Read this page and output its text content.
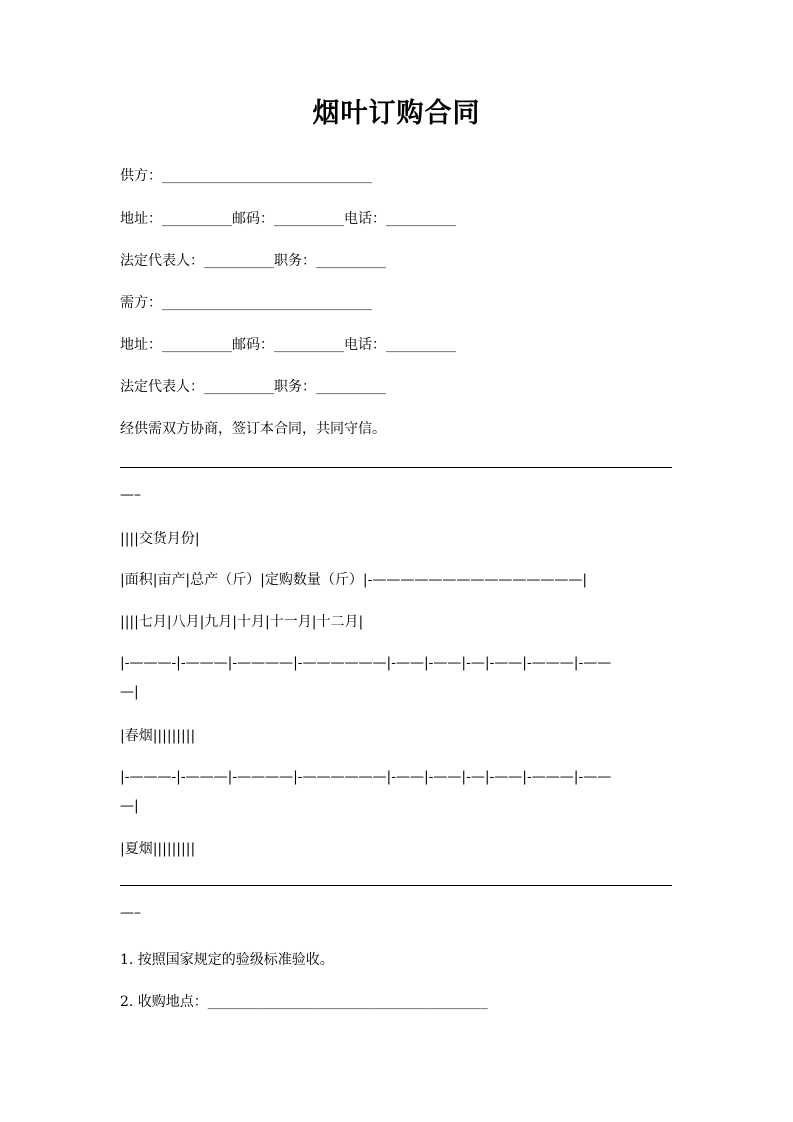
烟叶订购合同
供方：______________________________
地址：__________邮码：__________电话：__________
法定代表人：__________职务：__________
需方：______________________________
地址：__________邮码：__________电话：__________
法定代表人：__________职务：__________
经供需双方协商，签订本合同，共同守信。
—–
||||交货月份|
|面积|亩产|总产（斤）|定购数量（斤）|-———————————————|
||||七月|八月|九月|十月|十一月|十二月|
|-———-|-———|-————|-——————|-——|-——|-—|-——|-———|-——
—|
|春烟|||||||||
|-———-|-———|-————|-——————|-——|-——|-—|-——|-———|-——
—|
|夏烟|||||||||
—–
1. 按照国家规定的验级标准验收。
2. 收购地点：________________________________________
